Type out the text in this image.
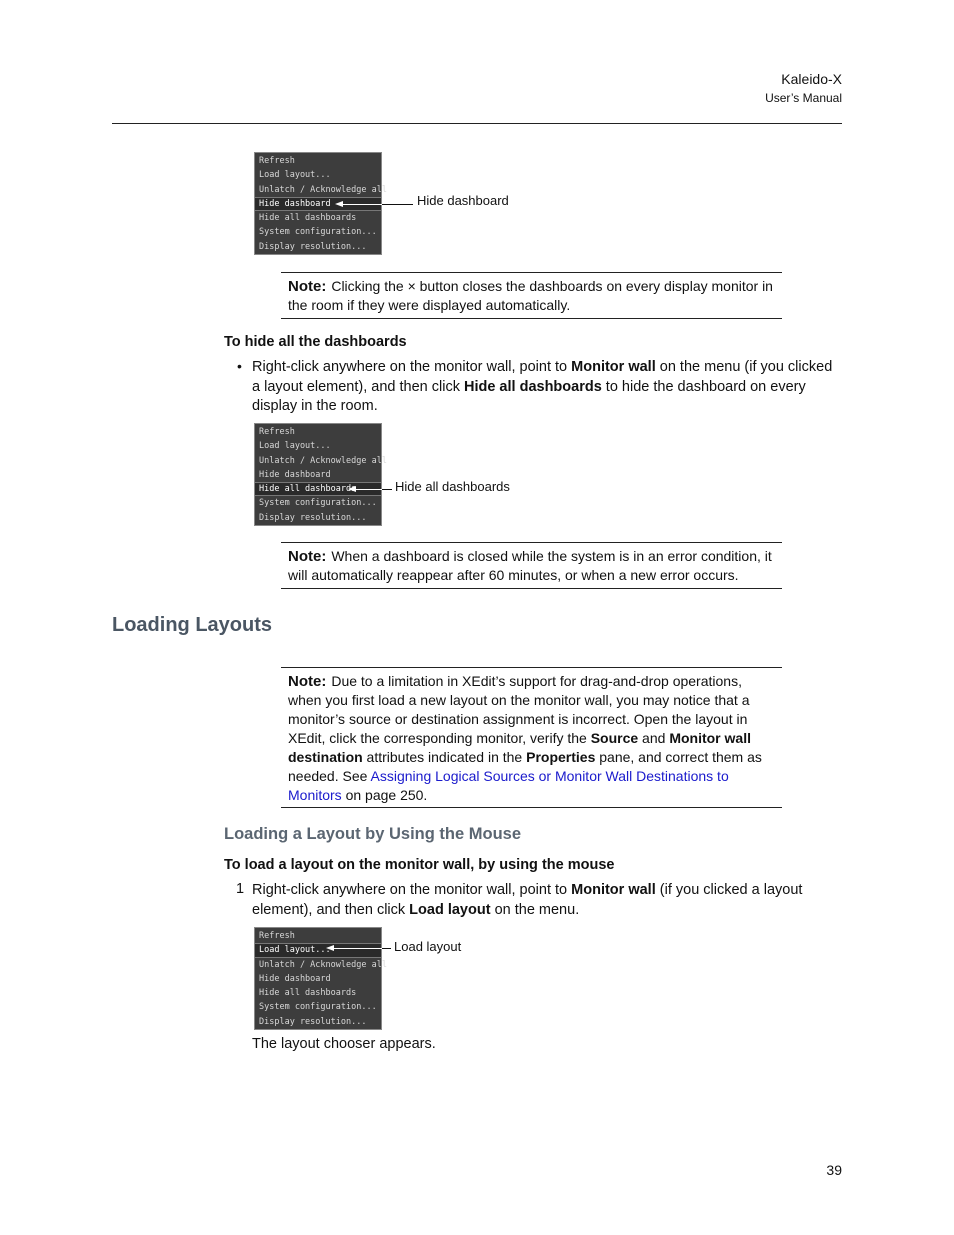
Kaleido-X
User’s Manual
Refresh
Load layout...
Unlatch / Acknowledge all
Hide dashboard
Hide all dashboards
System configuration...
Display resolution...
Hide dashboard
Note: Clicking the × button closes the dashboards on every display monitor in the room if they were displayed automatically.
To hide all the dashboards
• Right-click anywhere on the monitor wall, point to Monitor wall on the menu (if you clicked a layout element), and then click Hide all dashboards to hide the dashboard on every display in the room.
Refresh
Load layout...
Unlatch / Acknowledge all
Hide dashboard
Hide all dashboards
System configuration...
Display resolution...
Hide all dashboards
Note: When a dashboard is closed while the system is in an error condition, it will automatically reappear after 60 minutes, or when a new error occurs.
Loading Layouts
Note: Due to a limitation in XEdit’s support for drag-and-drop operations, when you first load a new layout on the monitor wall, you may notice that a monitor’s source or destination assignment is incorrect. Open the layout in XEdit, click the corresponding monitor, verify the Source and Monitor wall destination attributes indicated in the Properties pane, and correct them as needed. See Assigning Logical Sources or Monitor Wall Destinations to Monitors on page 250.
Loading a Layout by Using the Mouse
To load a layout on the monitor wall, by using the mouse
1 Right-click anywhere on the monitor wall, point to Monitor wall (if you clicked a layout element), and then click Load layout on the menu.
Refresh
Load layout...
Unlatch / Acknowledge all
Hide dashboard
Hide all dashboards
System configuration...
Display resolution...
Load layout
The layout chooser appears.
39
